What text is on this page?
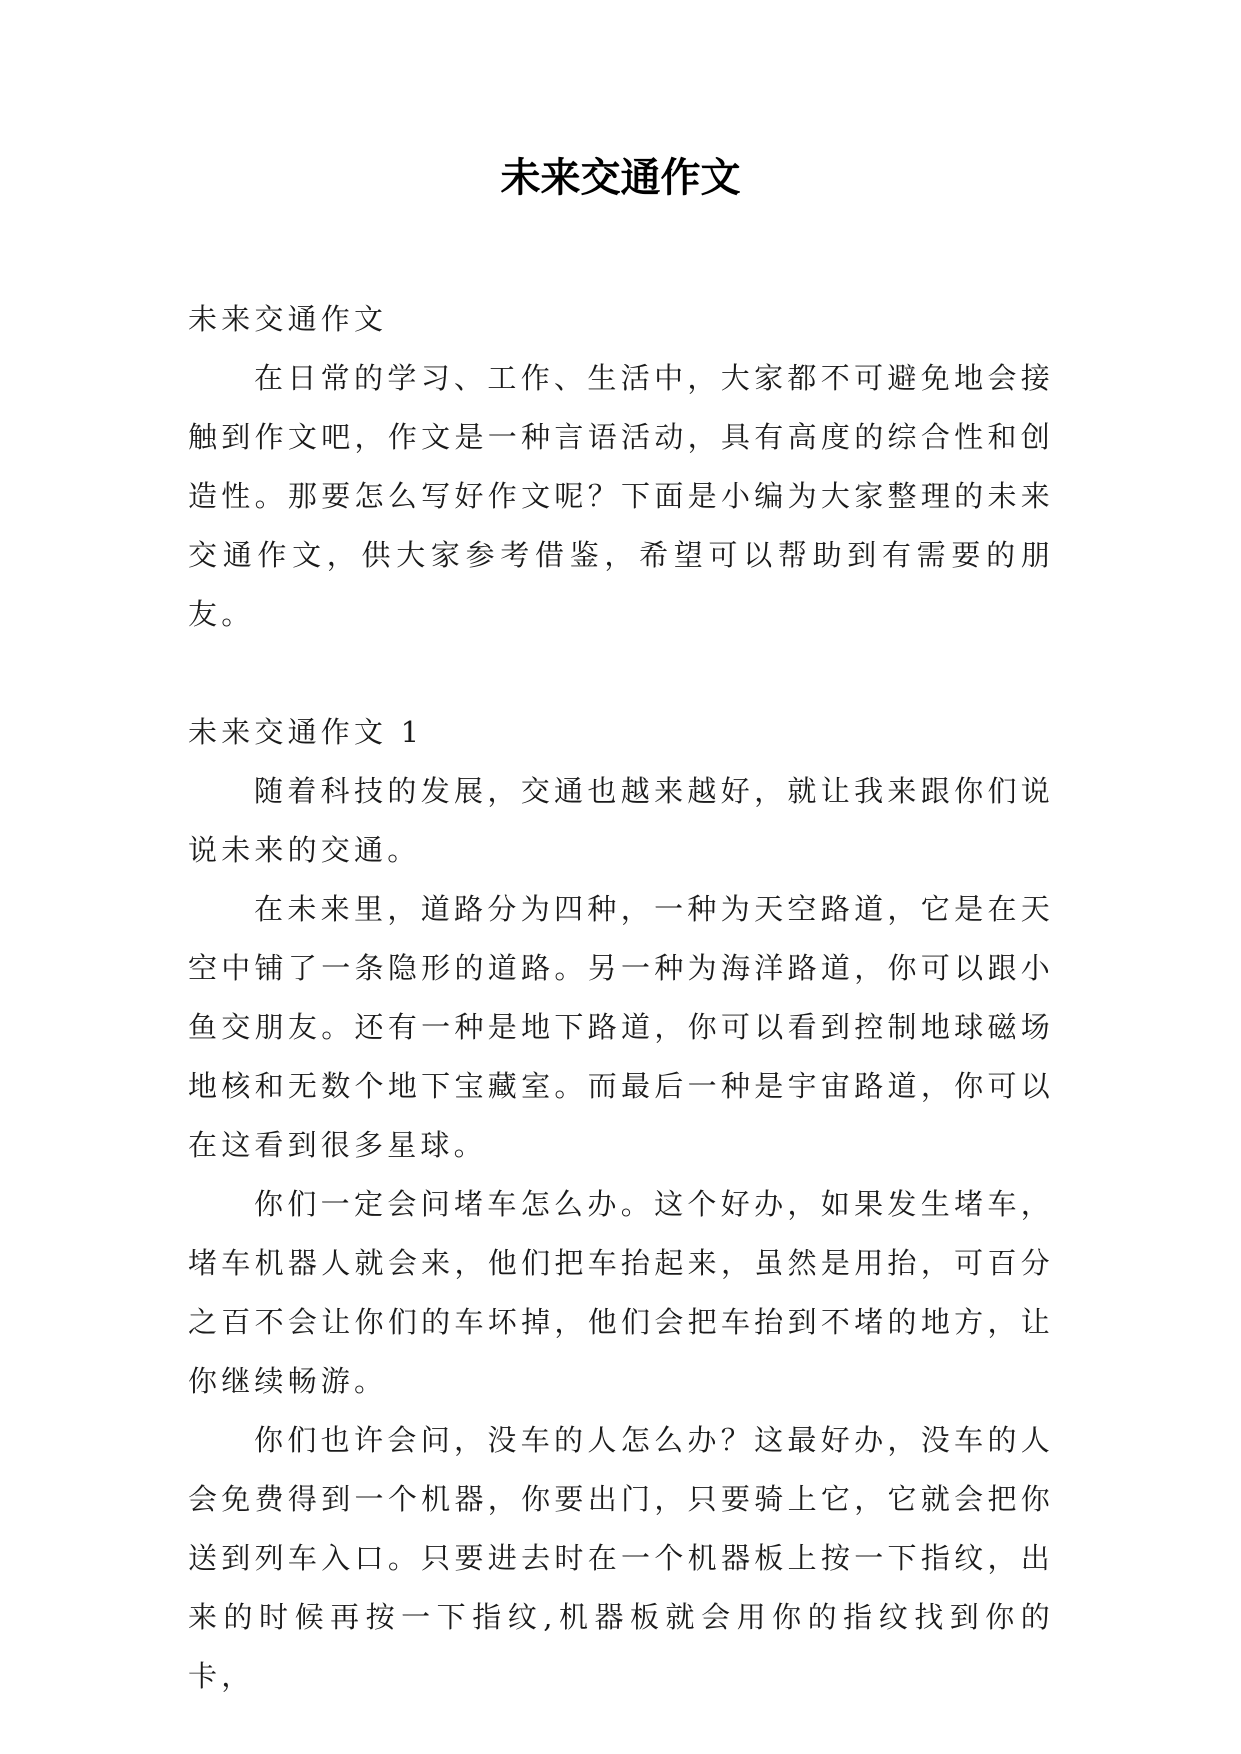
未来交通作文

未来交通作文

在日常的学习、工作、生活中，大家都不可避免地会接触到作文吧，作文是一种言语活动，具有高度的综合性和创造性。那要怎么写好作文呢？下面是小编为大家整理的未来交通作文，供大家参考借鉴，希望可以帮助到有需要的朋友。

未来交通作文 1

随着科技的发展，交通也越来越好，就让我来跟你们说说未来的交通。

在未来里，道路分为四种，一种为天空路道，它是在天空中铺了一条隐形的道路。另一种为海洋路道，你可以跟小鱼交朋友。还有一种是地下路道，你可以看到控制地球磁场地核和无数个地下宝藏室。而最后一种是宇宙路道，你可以在这看到很多星球。

你们一定会问堵车怎么办。这个好办，如果发生堵车，堵车机器人就会来，他们把车抬起来，虽然是用抬，可百分之百不会让你们的车坏掉，他们会把车抬到不堵的地方，让你继续畅游。

你们也许会问，没车的人怎么办？这最好办，没车的人会免费得到一个机器，你要出门，只要骑上它，它就会把你送到列车入口。只要进去时在一个机器板上按一下指纹，出来的时候再按一下指纹,机器板就会用你的指纹找到你的卡，
